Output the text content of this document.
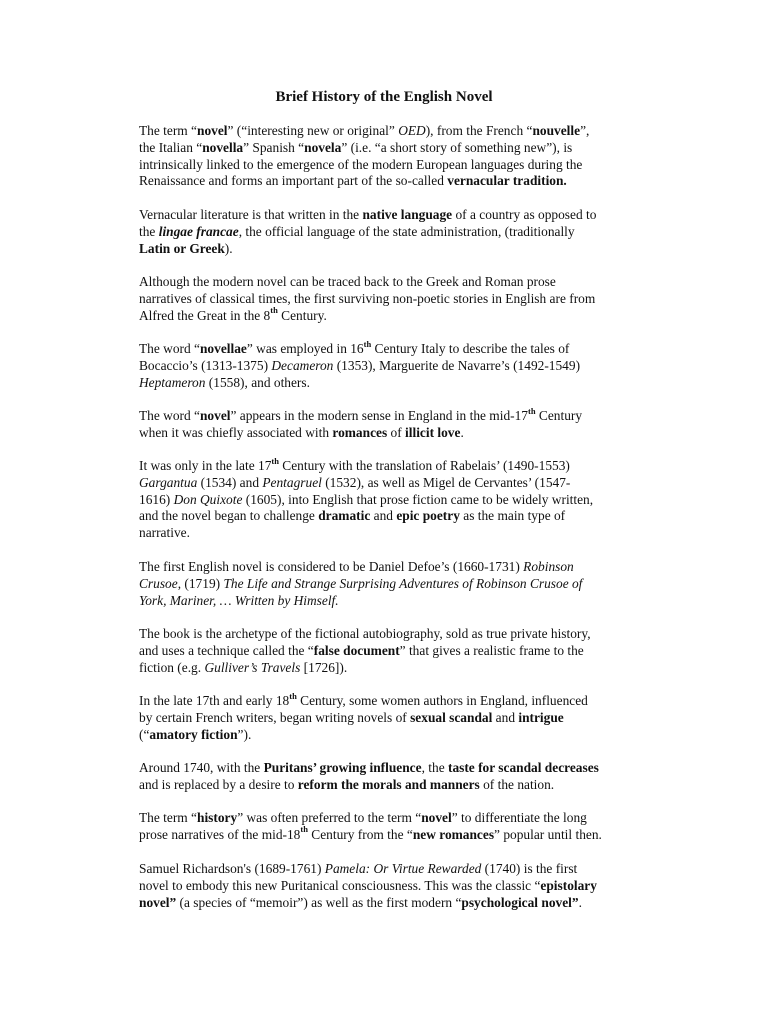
Brief History of the English Novel
The term “novel” (“interesting new or original” OED), from the French “nouvelle”,
the Italian “novella” Spanish “novela” (i.e. “a short story of something new”), is
intrinsically linked to the emergence of the modern European languages during the
Renaissance and forms an important part of the so-called vernacular tradition.
Vernacular literature is that written in the native language of a country as opposed to
the lingae francae, the official language of the state administration, (traditionally
Latin or Greek).
Although the modern novel can be traced back to the Greek and Roman prose
narratives of classical times, the first surviving non-poetic stories in English are from
Alfred the Great in the 8th Century.
The word “novellae” was employed in 16th Century Italy to describe the tales of
Bocaccio’s (1313-1375) Decameron (1353), Marguerite de Navarre’s (1492-1549)
Heptameron (1558), and others.
The word “novel” appears in the modern sense in England in the mid-17th Century
when it was chiefly associated with romances of illicit love.
It was only in the late 17th Century with the translation of Rabelais’ (1490-1553)
Gargantua (1534) and Pentagruel (1532), as well as Migel de Cervantes’ (1547-
1616) Don Quixote (1605), into English that prose fiction came to be widely written,
and the novel began to challenge dramatic and epic poetry as the main type of
narrative.
The first English novel is considered to be Daniel Defoe’s (1660-1731) Robinson
Crusoe, (1719) The Life and Strange Surprising Adventures of Robinson Crusoe of
York, Mariner, … Written by Himself.
The book is the archetype of the fictional autobiography, sold as true private history,
and uses a technique called the “false document” that gives a realistic frame to the
fiction (e.g. Gulliver’s Travels [1726]).
In the late 17th and early 18th Century, some women authors in England, influenced
by certain French writers, began writing novels of sexual scandal and intrigue
(“amatory fiction”).
Around 1740, with the Puritans’ growing influence, the taste for scandal decreases
and is replaced by a desire to reform the morals and manners of the nation.
The term “history” was often preferred to the term “novel” to differentiate the long
prose narratives of the mid-18th Century from the “new romances” popular until then.
Samuel Richardson's (1689-1761) Pamela: Or Virtue Rewarded (1740) is the first
novel to embody this new Puritanical consciousness. This was the classic “epistolary
novel” (a species of “memoir”) as well as the first modern “psychological novel”.
